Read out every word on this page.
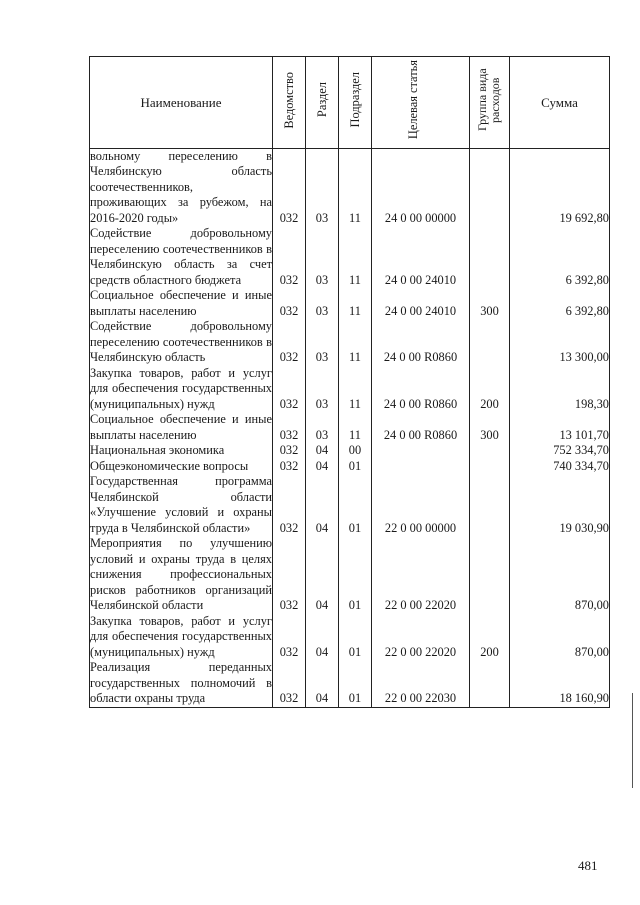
Наименование	Ведомство	Раздел	Подраздел	Целевая статья	Группа вида расходов	Сумма
вольному переселению в Челябинскую область соотечественников, проживающих за рубежом, на 2016-2020 годы»	032	03	11	24 0 00 00000		19 692,80
Содействие добровольному переселению соотечественников в Челябинскую область за счет средств областного бюджета	032	03	11	24 0 00 24010		6 392,80
Социальное обеспечение и иные выплаты населению	032	03	11	24 0 00 24010	300	6 392,80
Содействие добровольному переселению соотечественников в Челябинскую область	032	03	11	24 0 00 R0860		13 300,00
Закупка товаров, работ и услуг для обеспечения государственных (муниципальных) нужд	032	03	11	24 0 00 R0860	200	198,30
Социальное обеспечение и иные выплаты населению	032	03	11	24 0 00 R0860	300	13 101,70
Национальная экономика	032	04	00			752 334,70
Общеэкономические вопросы	032	04	01			740 334,70
Государственная программа Челябинской области «Улучшение условий и охраны труда в Челябинской области»	032	04	01	22 0 00 00000		19 030,90
Мероприятия по улучшению условий и охраны труда в целях снижения профессиональных рисков работников организаций Челябинской области	032	04	01	22 0 00 22020		870,00
Закупка товаров, работ и услуг для обеспечения государственных (муниципальных) нужд	032	04	01	22 0 00 22020	200	870,00
Реализация переданных государственных полномочий в области охраны труда	032	04	01	22 0 00 22030		18 160,90
481
